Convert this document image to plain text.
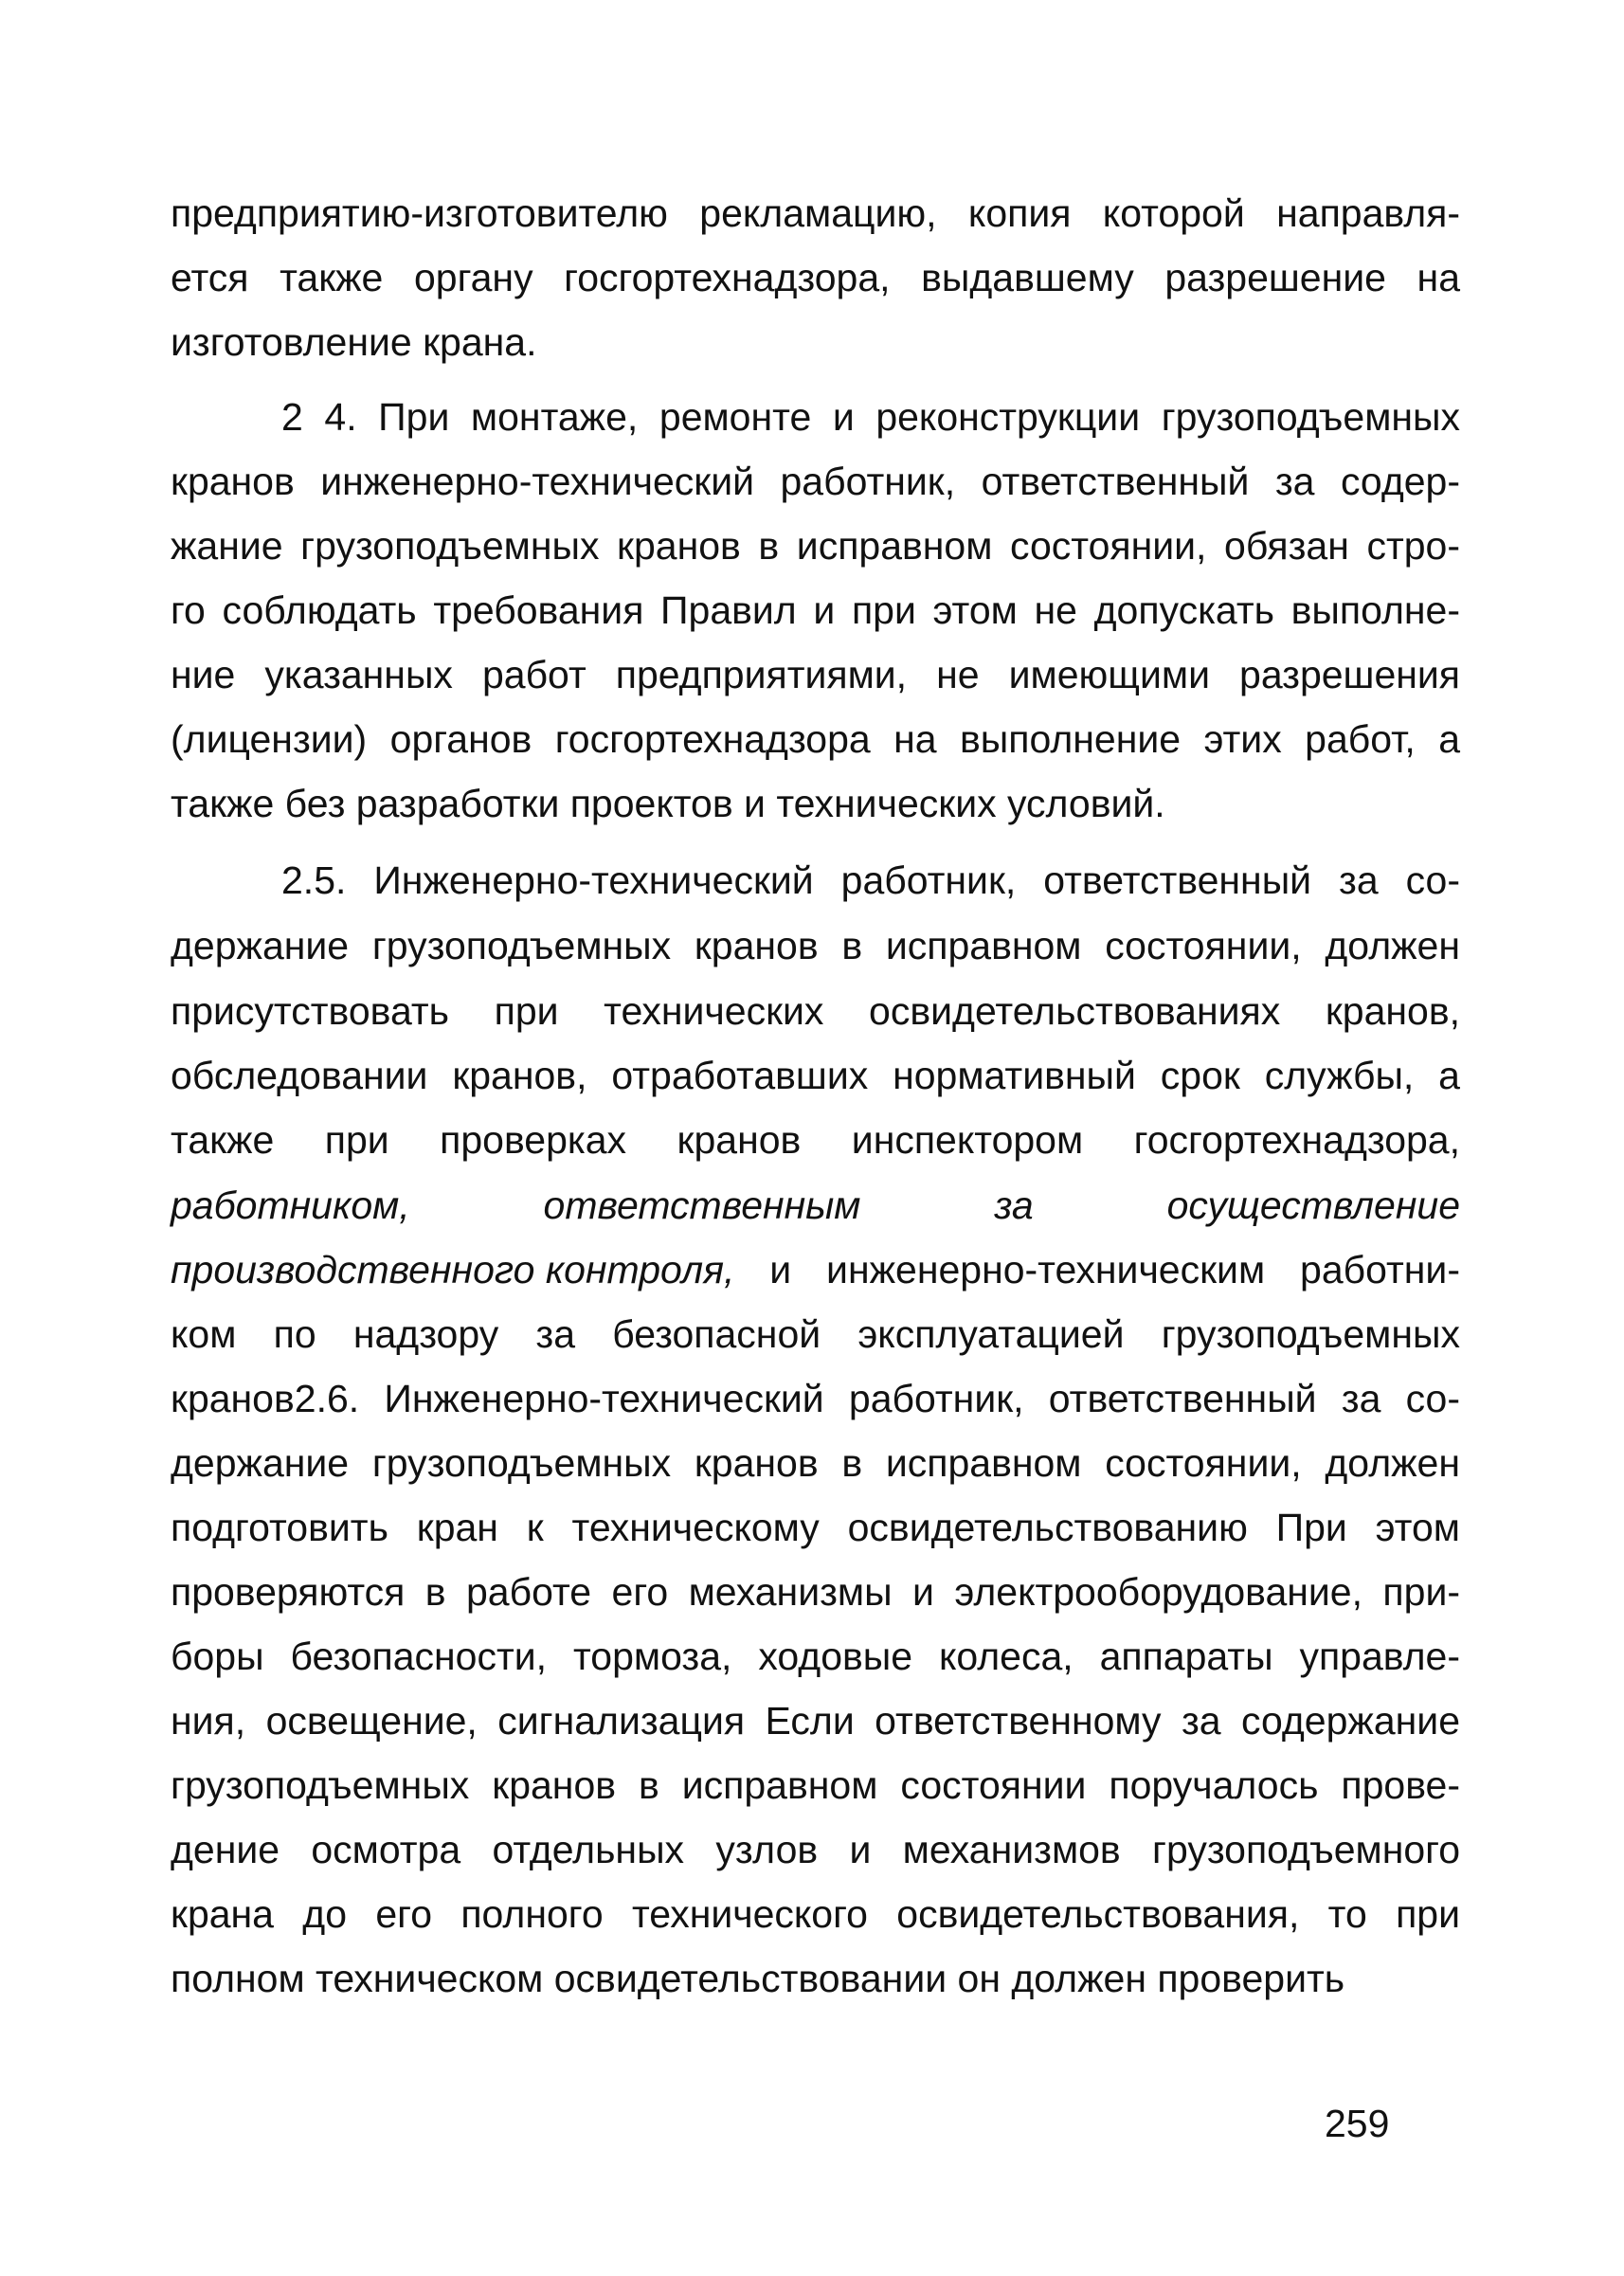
предприятию-изготовителю рекламацию, копия которой направля-

ется также органу госгортехнадзора, выдавшему разрешение на

изготовление крана.

2 4. При монтаже, ремонте и реконструкции грузоподъемных

кранов инженерно-технический работник, ответственный за содер-

жание грузоподъемных кранов в исправном состоянии, обязан стро-

го соблюдать требования Правил и при этом не допускать выполне-

ние указанных работ предприятиями, не имеющими разрешения

(лицензии) органов госгортехнадзора на выполнение этих работ, а

также без разработки проектов и технических условий.

2.5. Инженерно-технический работник, ответственный за со-

держание грузоподъемных кранов в исправном состоянии, должен

присутствовать при технических освидетельствованиях кранов,

обследовании кранов, отработавших нормативный срок службы, а

также при проверках кранов инспектором госгортехнадзора,

работником, ответственным за осуществление

производственного контроля, и инженерно-техническим работни-

ком по надзору за безопасной эксплуатацией грузоподъемных

кранов2.6. Инженерно-технический работник, ответственный за со-

держание грузоподъемных кранов в исправном состоянии, должен

подготовить кран к техническому освидетельствованию При этом

проверяются в работе его механизмы и электрооборудование, при-

боры безопасности, тормоза, ходовые колеса, аппараты управле-

ния, освещение, сигнализация Если ответственному за содержание

грузоподъемных кранов в исправном состоянии поручалось прове-

дение осмотра отдельных узлов и механизмов грузоподъемного

крана до его полного технического освидетельствования, то при

полном техническом освидетельствовании он должен проверить

259
